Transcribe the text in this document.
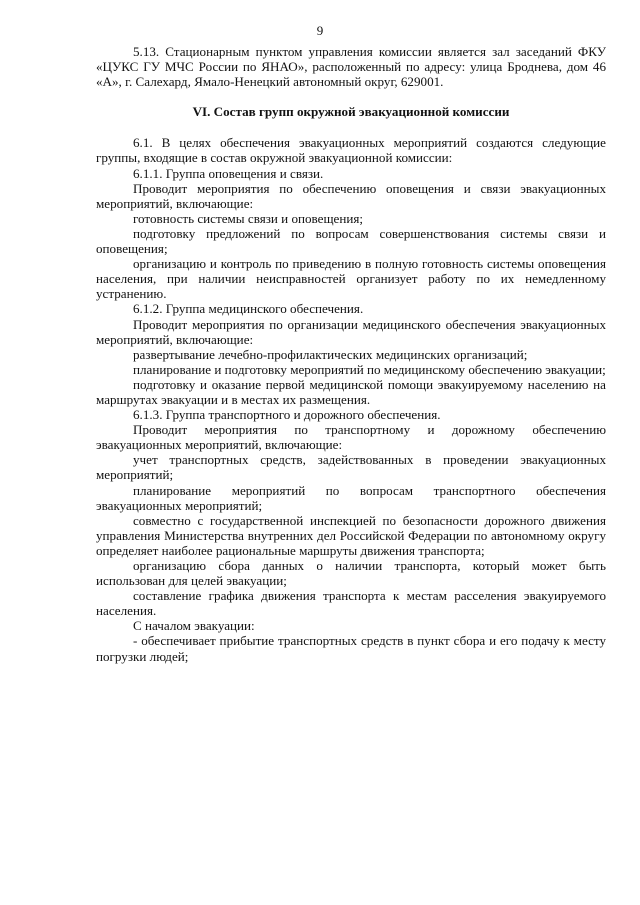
9

5.13. Стационарным пунктом управления комиссии является зал заседаний ФКУ «ЦУКС ГУ МЧС России по ЯНАО», расположенный по адресу: улица Броднева, дом 46 «А», г. Салехард, Ямало-Ненецкий автономный округ, 629001.

VI. Состав групп окружной эвакуационной комиссии

6.1. В целях обеспечения эвакуационных мероприятий создаются следующие группы, входящие в состав окружной эвакуационной комиссии:

6.1.1. Группа оповещения и связи.

Проводит мероприятия по обеспечению оповещения и связи эвакуационных мероприятий, включающие:

готовность системы связи и оповещения;

подготовку предложений по вопросам совершенствования системы связи и оповещения;

организацию и контроль по приведению в полную готовность системы оповещения населения, при наличии неисправностей организует работу по их немедленному устранению.

6.1.2. Группа медицинского обеспечения.

Проводит мероприятия по организации медицинского обеспечения эвакуационных мероприятий, включающие:

развертывание лечебно-профилактических медицинских организаций;

планирование и подготовку мероприятий по медицинскому обеспечению эвакуации;

подготовку и оказание первой медицинской помощи эвакуируемому населению на маршрутах эвакуации и в местах их размещения.

6.1.3. Группа транспортного и дорожного обеспечения.

Проводит мероприятия по транспортному и дорожному обеспечению эвакуационных мероприятий, включающие:

учет транспортных средств, задействованных в проведении эвакуационных мероприятий;

планирование мероприятий по вопросам транспортного обеспечения эвакуационных мероприятий;

совместно с государственной инспекцией по безопасности дорожного движения управления Министерства внутренних дел Российской Федерации по автономному округу определяет наиболее рациональные маршруты движения транспорта;

организацию сбора данных о наличии транспорта, который может быть использован для целей эвакуации;

составление графика движения транспорта к местам расселения эвакуируемого населения.

С началом эвакуации:

- обеспечивает прибытие транспортных средств в пункт сбора и его подачу к месту погрузки людей;
